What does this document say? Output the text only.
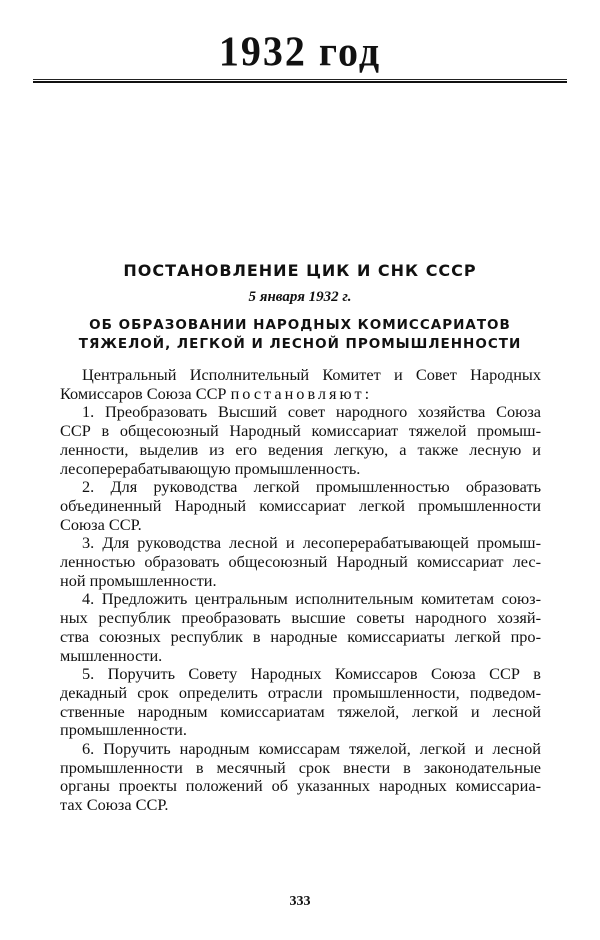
1932 год
ПОСТАНОВЛЕНИЕ ЦИК И СНК СССР
5 января 1932 г.
ОБ ОБРАЗОВАНИИ НАРОДНЫХ КОМИССАРИАТОВ
ТЯЖЕЛОЙ, ЛЕГКОЙ И ЛЕСНОЙ ПРОМЫШЛЕННОСТИ
Центральный Исполнительный Комитет и Совет Народных
Комиссаров Союза ССР постановляют:
1. Преобразовать Высший совет народного хозяйства Союза
ССР в общесоюзный Народный комиссариат тяжелой промыш-
ленности, выделив из его ведения легкую, а также лесную и
лесоперерабатывающую промышленность.
2. Для руководства легкой промышленностью образовать
объединенный Народный комиссариат легкой промышленности
Союза ССР.
3. Для руководства лесной и лесоперерабатывающей промыш-
ленностью образовать общесоюзный Народный комиссариат лес-
ной промышленности.
4. Предложить центральным исполнительным комитетам союз-
ных республик преобразовать высшие советы народного хозяй-
ства союзных республик в народные комиссариаты легкой про-
мышленности.
5. Поручить Совету Народных Комиссаров Союза ССР в
декадный срок определить отрасли промышленности, подведом-
ственные народным комиссариатам тяжелой, легкой и лесной
промышленности.
6. Поручить народным комиссарам тяжелой, легкой и лесной
промышленности в месячный срок внести в законодательные
органы проекты положений об указанных народных комиссариа-
тах Союза ССР.
333
